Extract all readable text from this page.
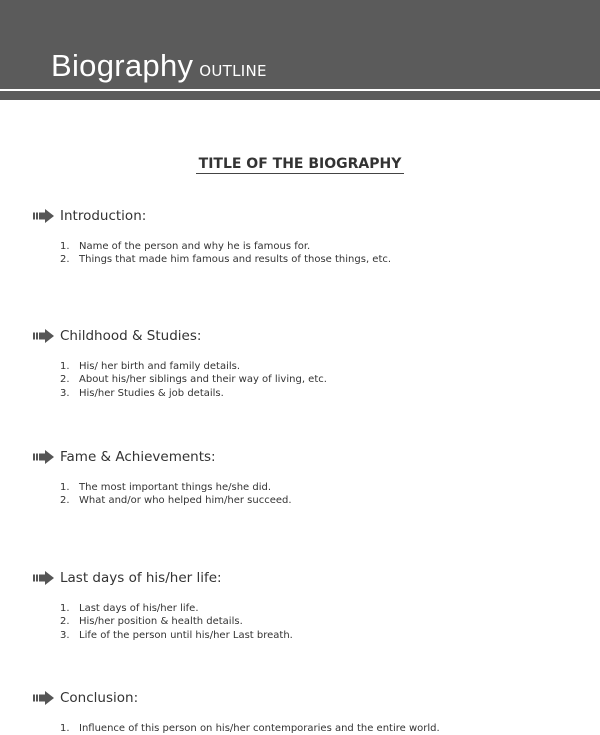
Biography OUTLINE
TITLE OF THE BIOGRAPHY
Introduction:
1. Name of the person and why he is famous for.
2. Things that made him famous and results of those things, etc.
Childhood & Studies:
1. His/ her birth and family details.
2. About his/her siblings and their way of living, etc.
3. His/her Studies & job details.
Fame & Achievements:
1. The most important things he/she did.
2. What and/or who helped him/her succeed.
Last days of his/her life:
1. Last days of his/her life.
2. His/her position & health details.
3. Life of the person until his/her Last breath.
Conclusion:
1. Influence of this person on his/her contemporaries and the entire world.
